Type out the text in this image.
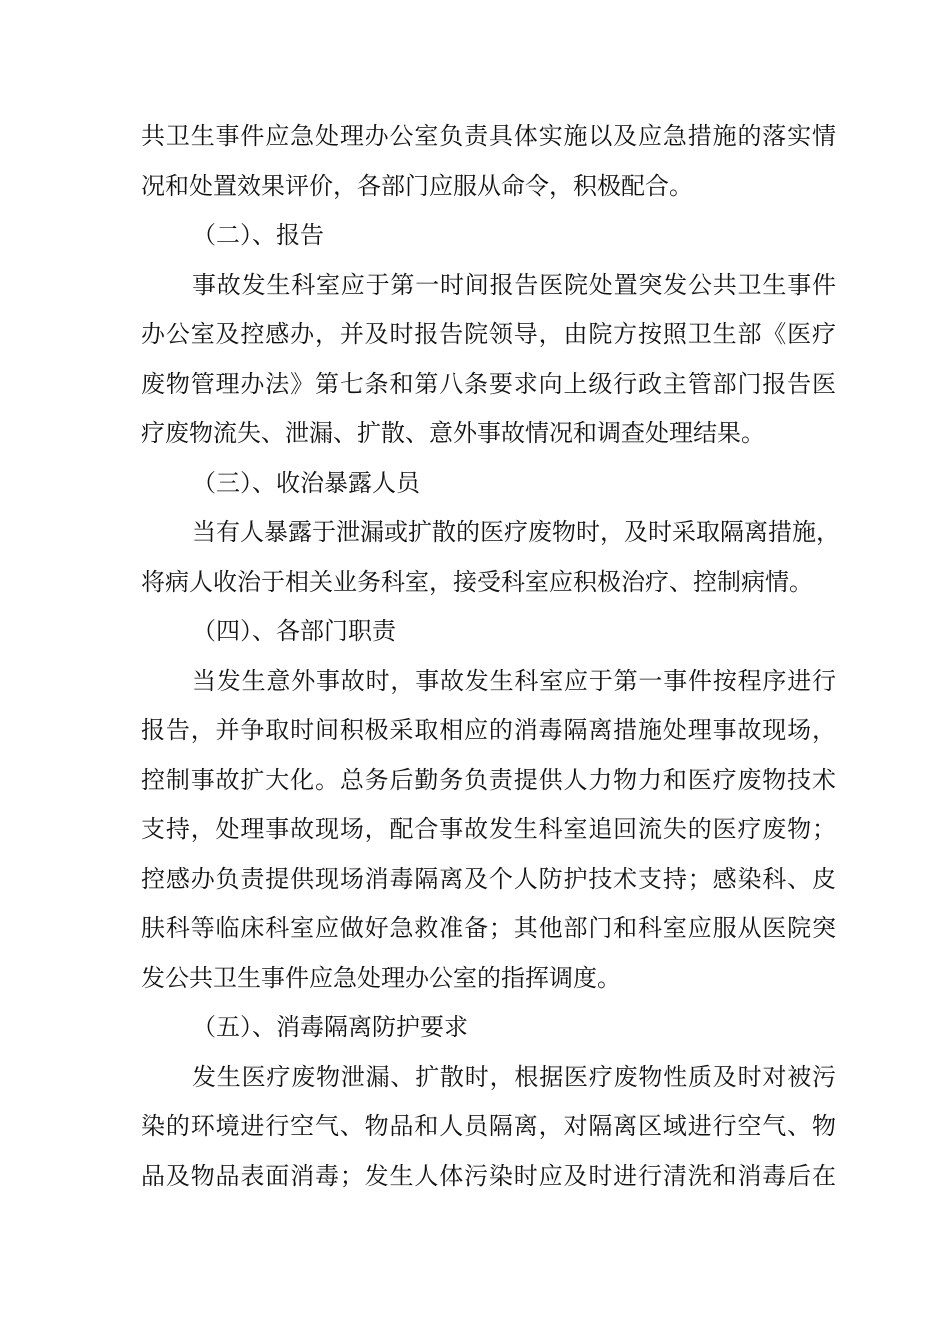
共卫生事件应急处理办公室负责具体实施以及应急措施的落实情
况和处置效果评价，各部门应服从命令，积极配合。
（二）、报告
事故发生科室应于第一时间报告医院处置突发公共卫生事件
办公室及控感办，并及时报告院领导，由院方按照卫生部《医疗
废物管理办法》第七条和第八条要求向上级行政主管部门报告医
疗废物流失、泄漏、扩散、意外事故情况和调查处理结果。
（三）、收治暴露人员
当有人暴露于泄漏或扩散的医疗废物时，及时采取隔离措施，
将病人收治于相关业务科室，接受科室应积极治疗、控制病情。
（四）、各部门职责
当发生意外事故时，事故发生科室应于第一事件按程序进行
报告，并争取时间积极采取相应的消毒隔离措施处理事故现场，
控制事故扩大化。总务后勤务负责提供人力物力和医疗废物技术
支持，处理事故现场，配合事故发生科室追回流失的医疗废物；
控感办负责提供现场消毒隔离及个人防护技术支持；感染科、皮
肤科等临床科室应做好急救准备；其他部门和科室应服从医院突
发公共卫生事件应急处理办公室的指挥调度。
（五）、消毒隔离防护要求
发生医疗废物泄漏、扩散时，根据医疗废物性质及时对被污
染的环境进行空气、物品和人员隔离，对隔离区域进行空气、物
品及物品表面消毒；发生人体污染时应及时进行清洗和消毒后在
